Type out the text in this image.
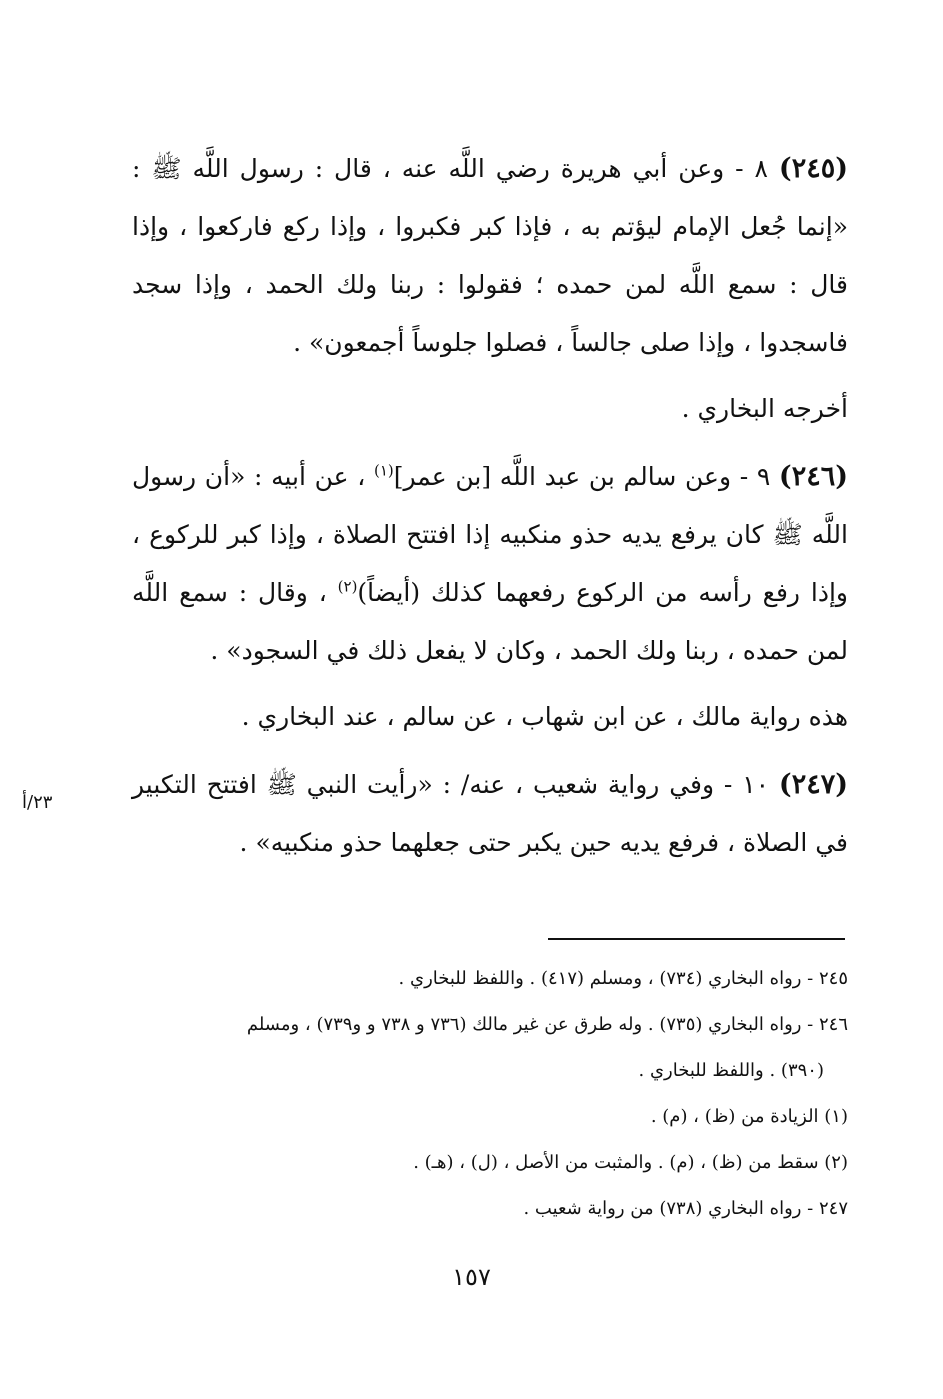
(٢٤٥) ٨ - وعن أبي هريرة رضي اللَّه عنه ، قال : رسول اللَّه ﷺ : «إنما جُعل الإمام ليؤتم به ، فإذا كبر فكبروا ، وإذا ركع فاركعوا ، وإذا قال : سمع اللَّه لمن حمده ؛ فقولوا : ربنا ولك الحمد ، وإذا سجد فاسجدوا ، وإذا صلى جالساً ، فصلوا جلوساً أجمعون» .

أخرجه البخاري .

(٢٤٦) ٩ - وعن سالم بن عبد اللَّه [بن عمر]$^{(١)}$ ، عن أبيه : «أن رسول اللَّه ﷺ كان يرفع يديه حذو منكبيه إذا افتتح الصلاة ، وإذا كبر للركوع ، وإذا رفع رأسه من الركوع رفعهما كذلك (أيضاً)$^{(٢)}$ ، وقال : سمع اللَّه لمن حمده ، ربنا ولك الحمد ، وكان لا يفعل ذلك في السجود» .

هذه رواية مالك ، عن ابن شهاب ، عن سالم ، عند البخاري .

(٢٤٧) ١٠ - وفي رواية شعيب ، عنه/ : «رأيت النبي ﷺ افتتح التكبير في الصلاة ، فرفع يديه حين يكبر حتى جعلهما حذو منكبيه» .

٢٣/أ

٢٤٥ - رواه البخاري (٧٣٤) ، ومسلم (٤١٧) . واللفظ للبخاري .

٢٤٦ - رواه البخاري (٧٣٥) . وله طرق عن غير مالك (٧٣٦ و ٧٣٨ و و٧٣٩) ، ومسلم

(٣٩٠) . واللفظ للبخاري .

(١) الزيادة من (ظ) ، (م) .

(٢) سقط من (ظ) ، (م) . والمثبت من الأصل ، (ل) ، (هـ) .

٢٤٧ - رواه البخاري (٧٣٨) من رواية شعيب .

١٥٧
